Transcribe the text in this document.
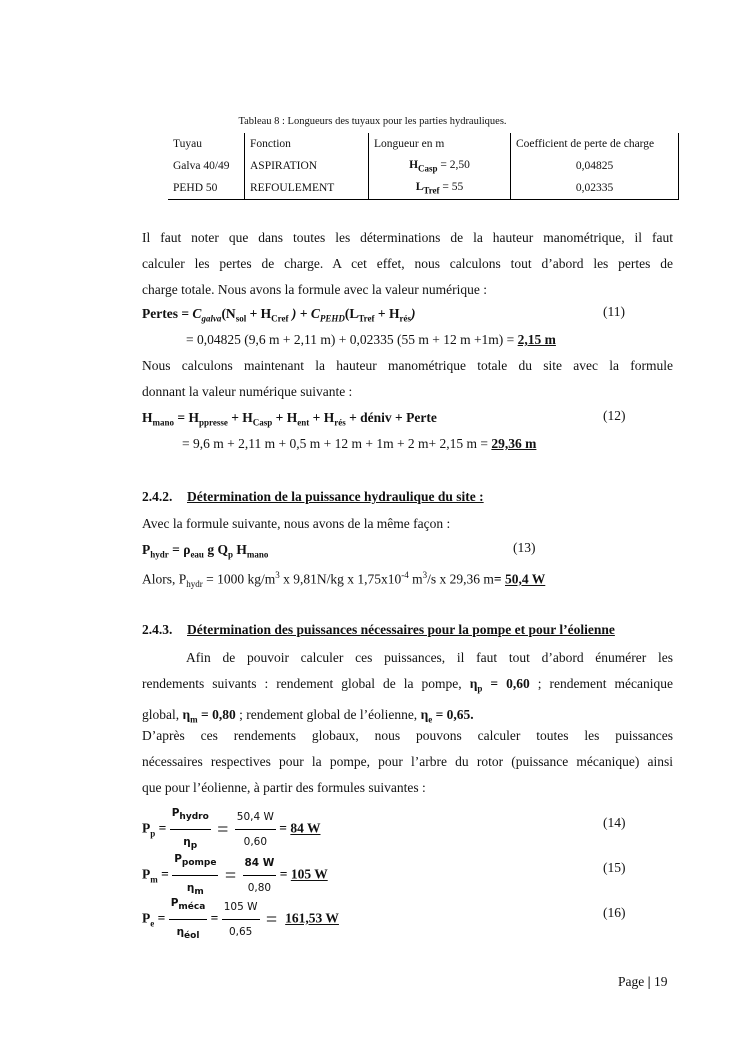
Tableau 8 : Longueurs des tuyaux pour les parties hydrauliques.
Tuyau	Fonction	Longueur en m	Coefficient de perte de charge
Galva 40/49	ASPIRATION	$H_{Casp} = 2,50$	0,04825
PEHD 50	REFOULEMENT	$L_{Tref} = 55$	0,02335
Il faut noter que dans toutes les déterminations de la hauteur manométrique, il faut
calculer les pertes de charge. A cet effet, nous calculons tout d’abord les pertes de
charge totale. Nous avons la formule avec la valeur numérique :
Pertes = $C_{galva}(N_{sol} + H_{Cref}$ ) + $C_{PEHD}(L_{Tref} + H_{rés})$	(11)
= 0,04825 (9,6 m + 2,11 m) + 0,02335 (55 m + 12 m +1m) = 2,15 m
Nous calculons maintenant la hauteur manométrique totale du site avec la formule
donnant la valeur numérique suivante :
$H_{mano} = H_{ppresse} + H_{Casp} + H_{ent} + H_{rés}$ + déniv + Perte	(12)
= 9,6 m + 2,11 m + 0,5 m + 12 m + 1m + 2 m+ 2,15 m = 29,36 m
2.4.2. Détermination de la puissance hydraulique du site :
Avec la formule suivante, nous avons de la même façon :
$P_{hydr} = \rho_{eau}$ g $Q_p$ $H_{mano}$	(13)
Alors, $P_{hydr} = 1000$ $kg/m^3$ x 9,81N/kg x $1,75x10^{-4}$ $m^3/s$ x 29,36 m= 50,4 W
2.4.3. Détermination des puissances nécessaires pour la pompe et pour l’éolienne
Afin de pouvoir calculer ces puissances, il faut tout d’abord énumérer les
rendements suivants : rendement global de la pompe, $\eta_p = 0,60$ ; rendement mécanique
global, $\eta_m = 0,80$ ; rendement global de l’éolienne, $\eta_e = 0,65$.
D’après ces rendements globaux, nous pouvons calculer toutes les puissances
nécessaires respectives pour la pompe, pour l’arbre du rotor (puissance mécanique) ainsi
que pour l’éolienne, à partir des formules suivantes :
$P_p = \frac{P_{hydro}}{\eta_p} = \frac{50,4 W}{0,60} = 84$ W	(14)
$P_m = \frac{P_{pompe}}{\eta_m} = \frac{84 W}{0,80} = 105$ W	(15)
$P_e = \frac{P_{méca}}{\eta_{éol}} = \frac{105 W}{0,65} = 161,53$ W	(16)
Page | 19
